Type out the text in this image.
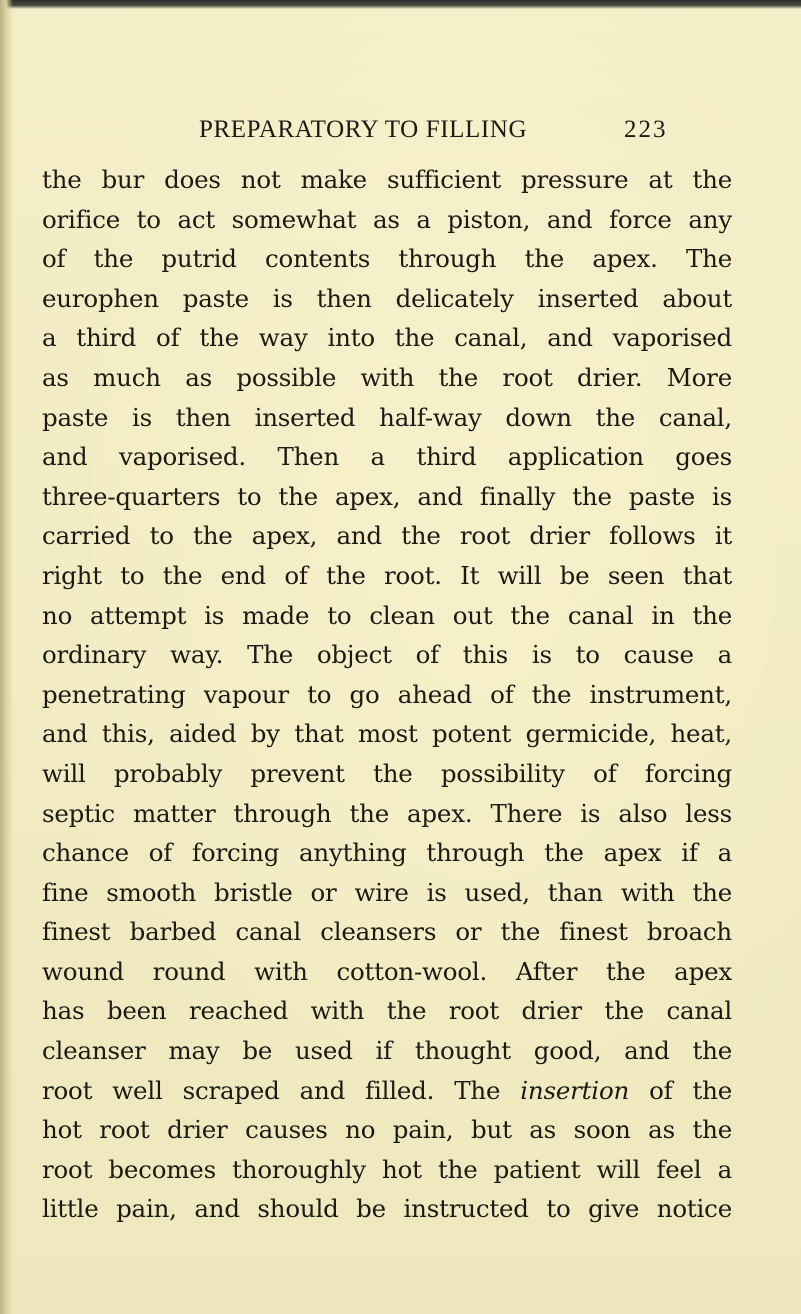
PREPARATORY TO FILLING	223
the bur does not make sufficient pressure at the
orifice to act somewhat as a piston, and force any
of the putrid contents through the apex. The
europhen paste is then delicately inserted about
a third of the way into the canal, and vaporised
as much as possible with the root drier. More
paste is then inserted half-way down the canal,
and vaporised. Then a third application goes
three-quarters to the apex, and finally the paste is
carried to the apex, and the root drier follows it
right to the end of the root. It will be seen that
no attempt is made to clean out the canal in the
ordinary way. The object of this is to cause a
penetrating vapour to go ahead of the instrument,
and this, aided by that most potent germicide, heat,
will probably prevent the possibility of forcing
septic matter through the apex. There is also less
chance of forcing anything through the apex if a
fine smooth bristle or wire is used, than with the
finest barbed canal cleansers or the finest broach
wound round with cotton-wool. After the apex
has been reached with the root drier the canal
cleanser may be used if thought good, and the
root well scraped and filled. The insertion of the
hot root drier causes no pain, but as soon as the
root becomes thoroughly hot the patient will feel a
little pain, and should be instructed to give notice
